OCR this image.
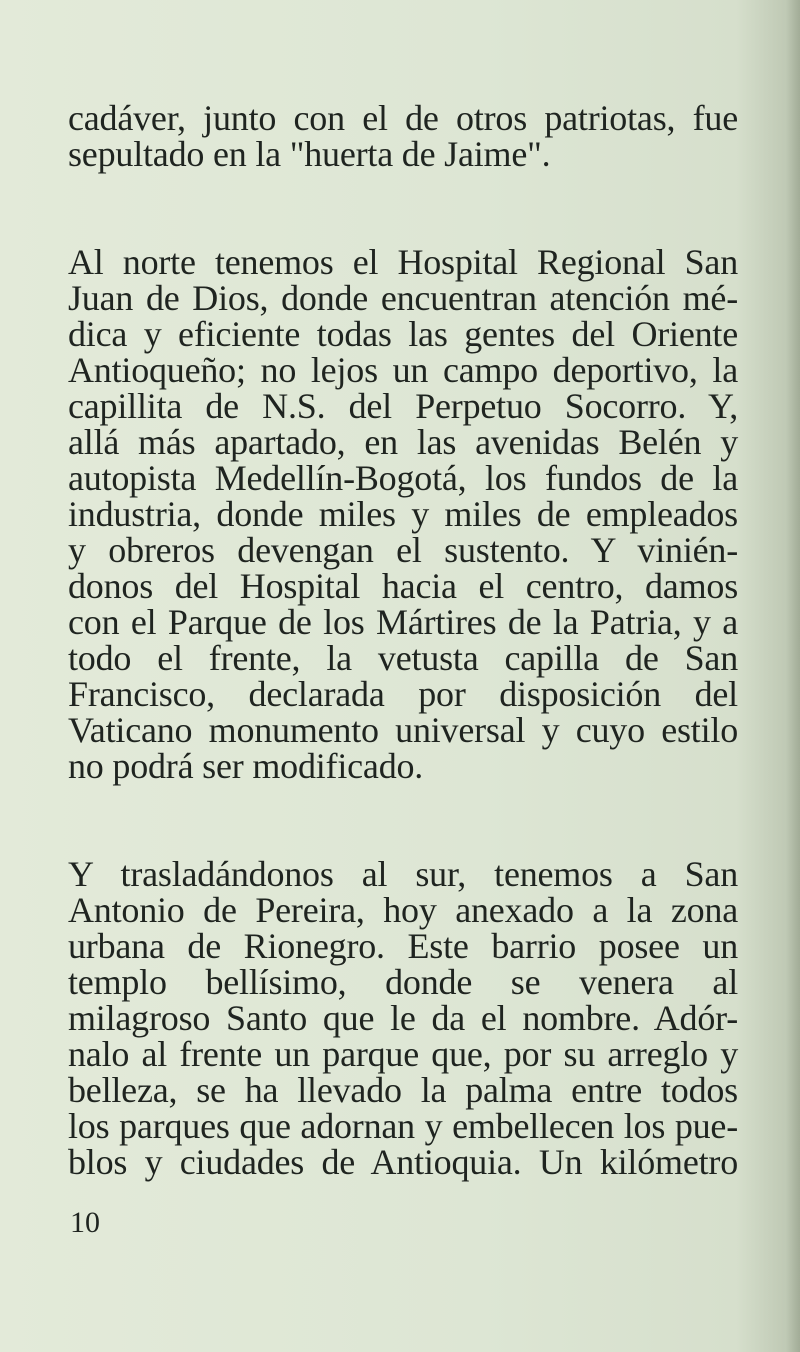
cadáver, junto con el de otros patriotas, fue
sepultado en la "huerta de Jaime".

Al norte tenemos el Hospital Regional San
Juan de Dios, donde encuentran atención mé-
dica y eficiente todas las gentes del Oriente
Antioqueño; no lejos un campo deportivo, la
capillita de N.S. del Perpetuo Socorro. Y,
allá más apartado, en las avenidas Belén y
autopista Medellín-Bogotá, los fundos de la
industria, donde miles y miles de empleados
y obreros devengan el sustento. Y vinién-
donos del Hospital hacia el centro, damos
con el Parque de los Mártires de la Patria, y a
todo el frente, la vetusta capilla de San
Francisco, declarada por disposición del
Vaticano monumento universal y cuyo estilo
no podrá ser modificado.

Y trasladándonos al sur, tenemos a San
Antonio de Pereira, hoy anexado a la zona
urbana de Rionegro. Este barrio posee un
templo bellísimo, donde se venera al
milagroso Santo que le da el nombre. Adór-
nalo al frente un parque que, por su arreglo y
belleza, se ha llevado la palma entre todos
los parques que adornan y embellecen los pue-
blos y ciudades de Antioquia. Un kilómetro

10
